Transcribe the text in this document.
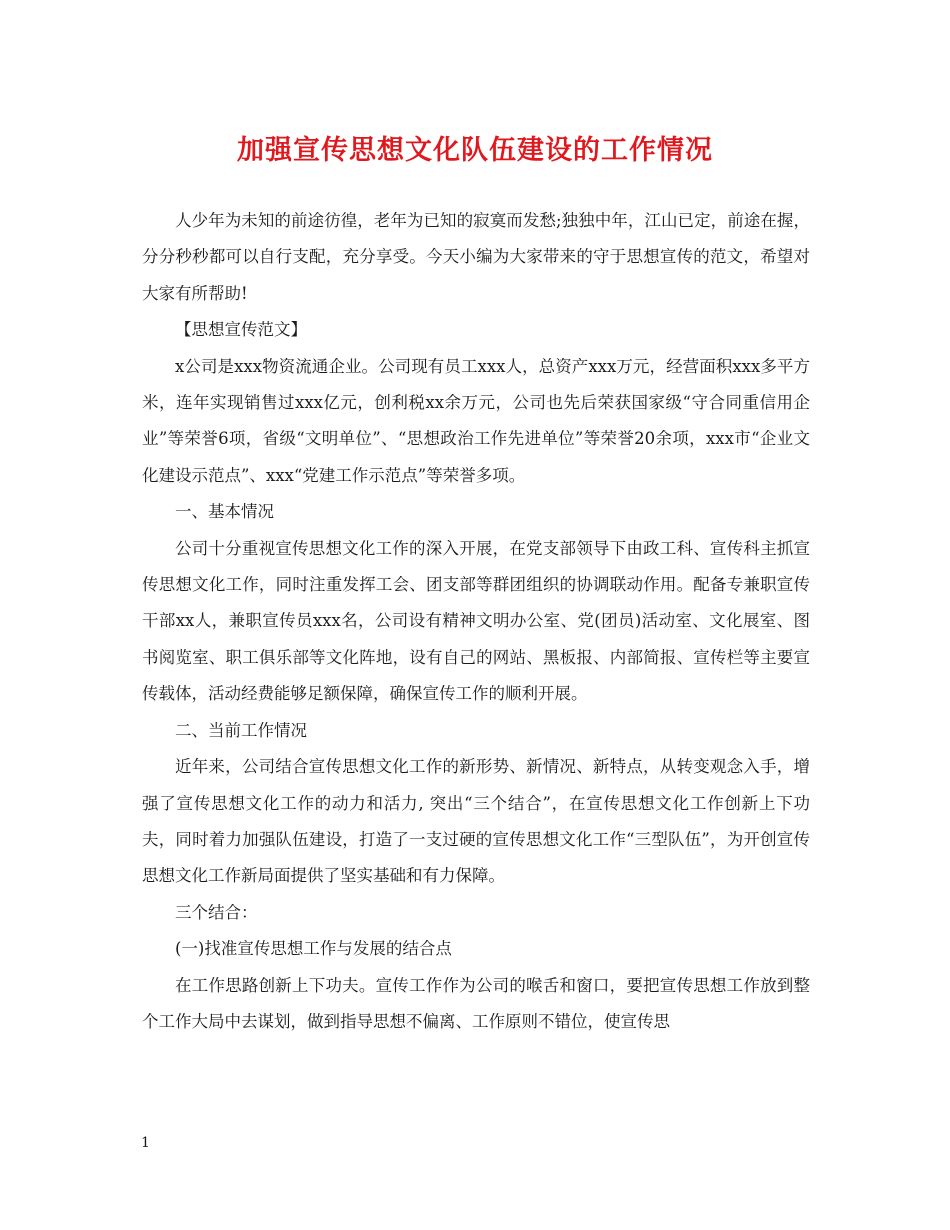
加强宣传思想文化队伍建设的工作情况

人少年为未知的前途彷徨，老年为已知的寂寞而发愁;独独中年，江山已定，前途在握，分分秒秒都可以自行支配，充分享受。今天小编为大家带来的守于思想宣传的范文，希望对大家有所帮助!

【思想宣传范文】

x公司是xxx物资流通企业。公司现有员工xxx人，总资产xxx万元，经营面积xxx多平方米，连年实现销售过xxx亿元，创利税xx余万元，公司也先后荣获国家级“守合同重信用企业”等荣誉6项，省级“文明单位”、“思想政治工作先进单位”等荣誉20余项，xxx市“企业文化建设示范点”、xxx“党建工作示范点”等荣誉多项。

一、基本情况

公司十分重视宣传思想文化工作的深入开展，在党支部领导下由政工科、宣传科主抓宣传思想文化工作，同时注重发挥工会、团支部等群团组织的协调联动作用。配备专兼职宣传干部xx人，兼职宣传员xxx名，公司设有精神文明办公室、党(团员)活动室、文化展室、图书阅览室、职工俱乐部等文化阵地，设有自己的网站、黑板报、内部简报、宣传栏等主要宣传载体，活动经费能够足额保障，确保宣传工作的顺利开展。

二、当前工作情况

近年来，公司结合宣传思想文化工作的新形势、新情况、新特点，从转变观念入手，增强了宣传思想文化工作的动力和活力, 突出“三个结合”，在宣传思想文化工作创新上下功夫，同时着力加强队伍建设，打造了一支过硬的宣传思想文化工作“三型队伍”，为开创宣传思想文化工作新局面提供了坚实基础和有力保障。

三个结合：

(一)找准宣传思想工作与发展的结合点

在工作思路创新上下功夫。宣传工作作为公司的喉舌和窗口，要把宣传思想工作放到整个工作大局中去谋划，做到指导思想不偏离、工作原则不错位，使宣传思

1
